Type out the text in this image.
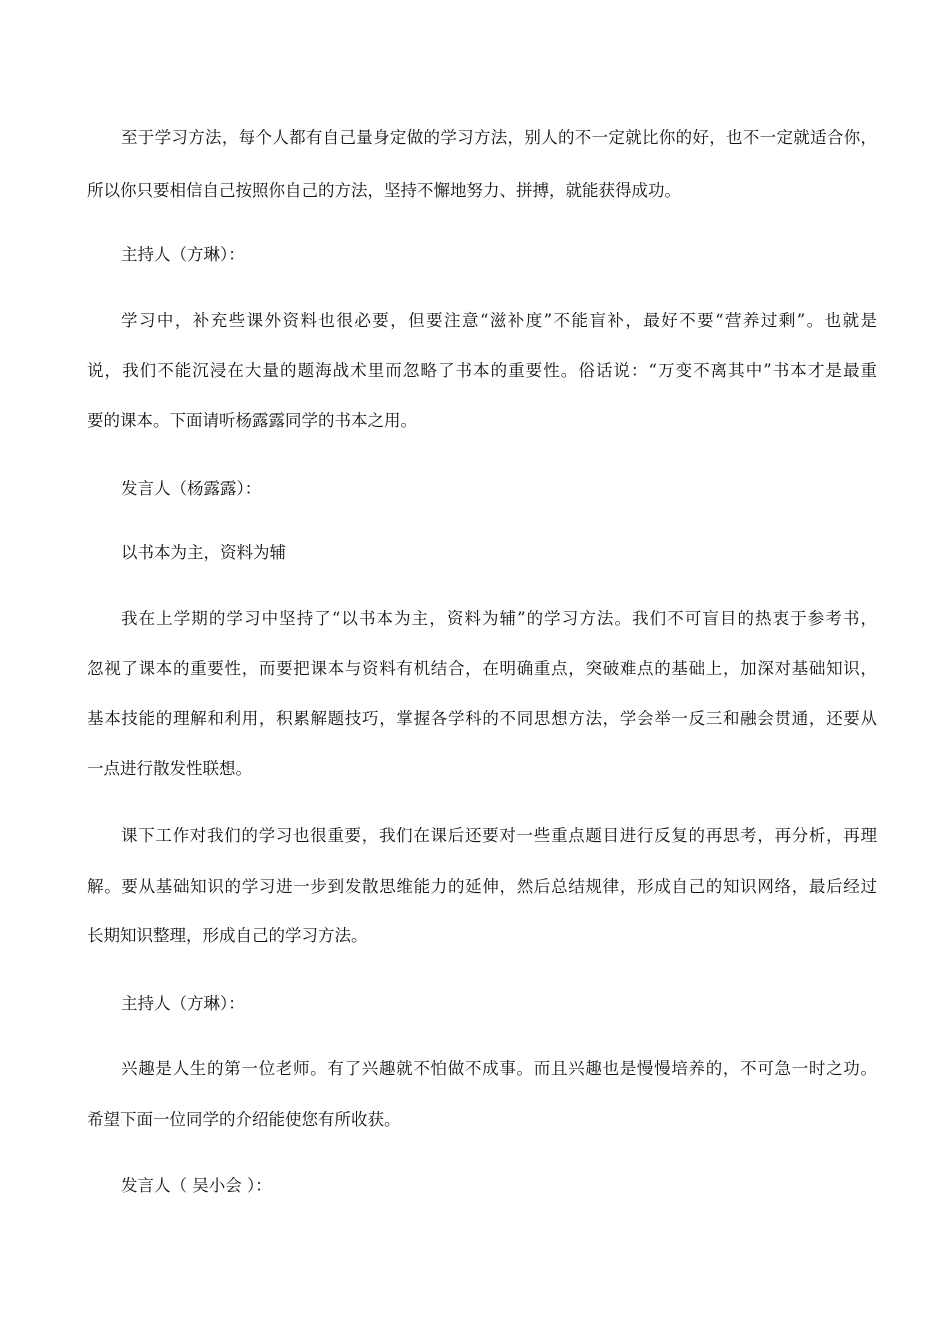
至于学习方法，每个人都有自己量身定做的学习方法，别人的不一定就比你的好，也不一定就适合你，
所以你只要相信自己按照你自己的方法，坚持不懈地努力、拼搏，就能获得成功。
主持人（方琳）：
学习中，补充些课外资料也很必要，但要注意“滋补度”不能盲补，最好不要“营养过剩”。也就是
说，我们不能沉浸在大量的题海战术里而忽略了书本的重要性。俗话说：“万变不离其中”书本才是最重
要的课本。下面请听杨露露同学的书本之用。
发言人（杨露露）：
以书本为主，资料为辅
我在上学期的学习中坚持了“以书本为主，资料为辅”的学习方法。我们不可盲目的热衷于参考书，
忽视了课本的重要性，而要把课本与资料有机结合，在明确重点，突破难点的基础上，加深对基础知识，
基本技能的理解和利用，积累解题技巧，掌握各学科的不同思想方法，学会举一反三和融会贯通，还要从
一点进行散发性联想。
课下工作对我们的学习也很重要，我们在课后还要对一些重点题目进行反复的再思考，再分析，再理
解。要从基础知识的学习进一步到发散思维能力的延伸，然后总结规律，形成自己的知识网络，最后经过
长期知识整理，形成自己的学习方法。
主持人（方琳）：
兴趣是人生的第一位老师。有了兴趣就不怕做不成事。而且兴趣也是慢慢培养的，不可急一时之功。
希望下面一位同学的介绍能使您有所收获。
发言人（ 吴小会 ）：
